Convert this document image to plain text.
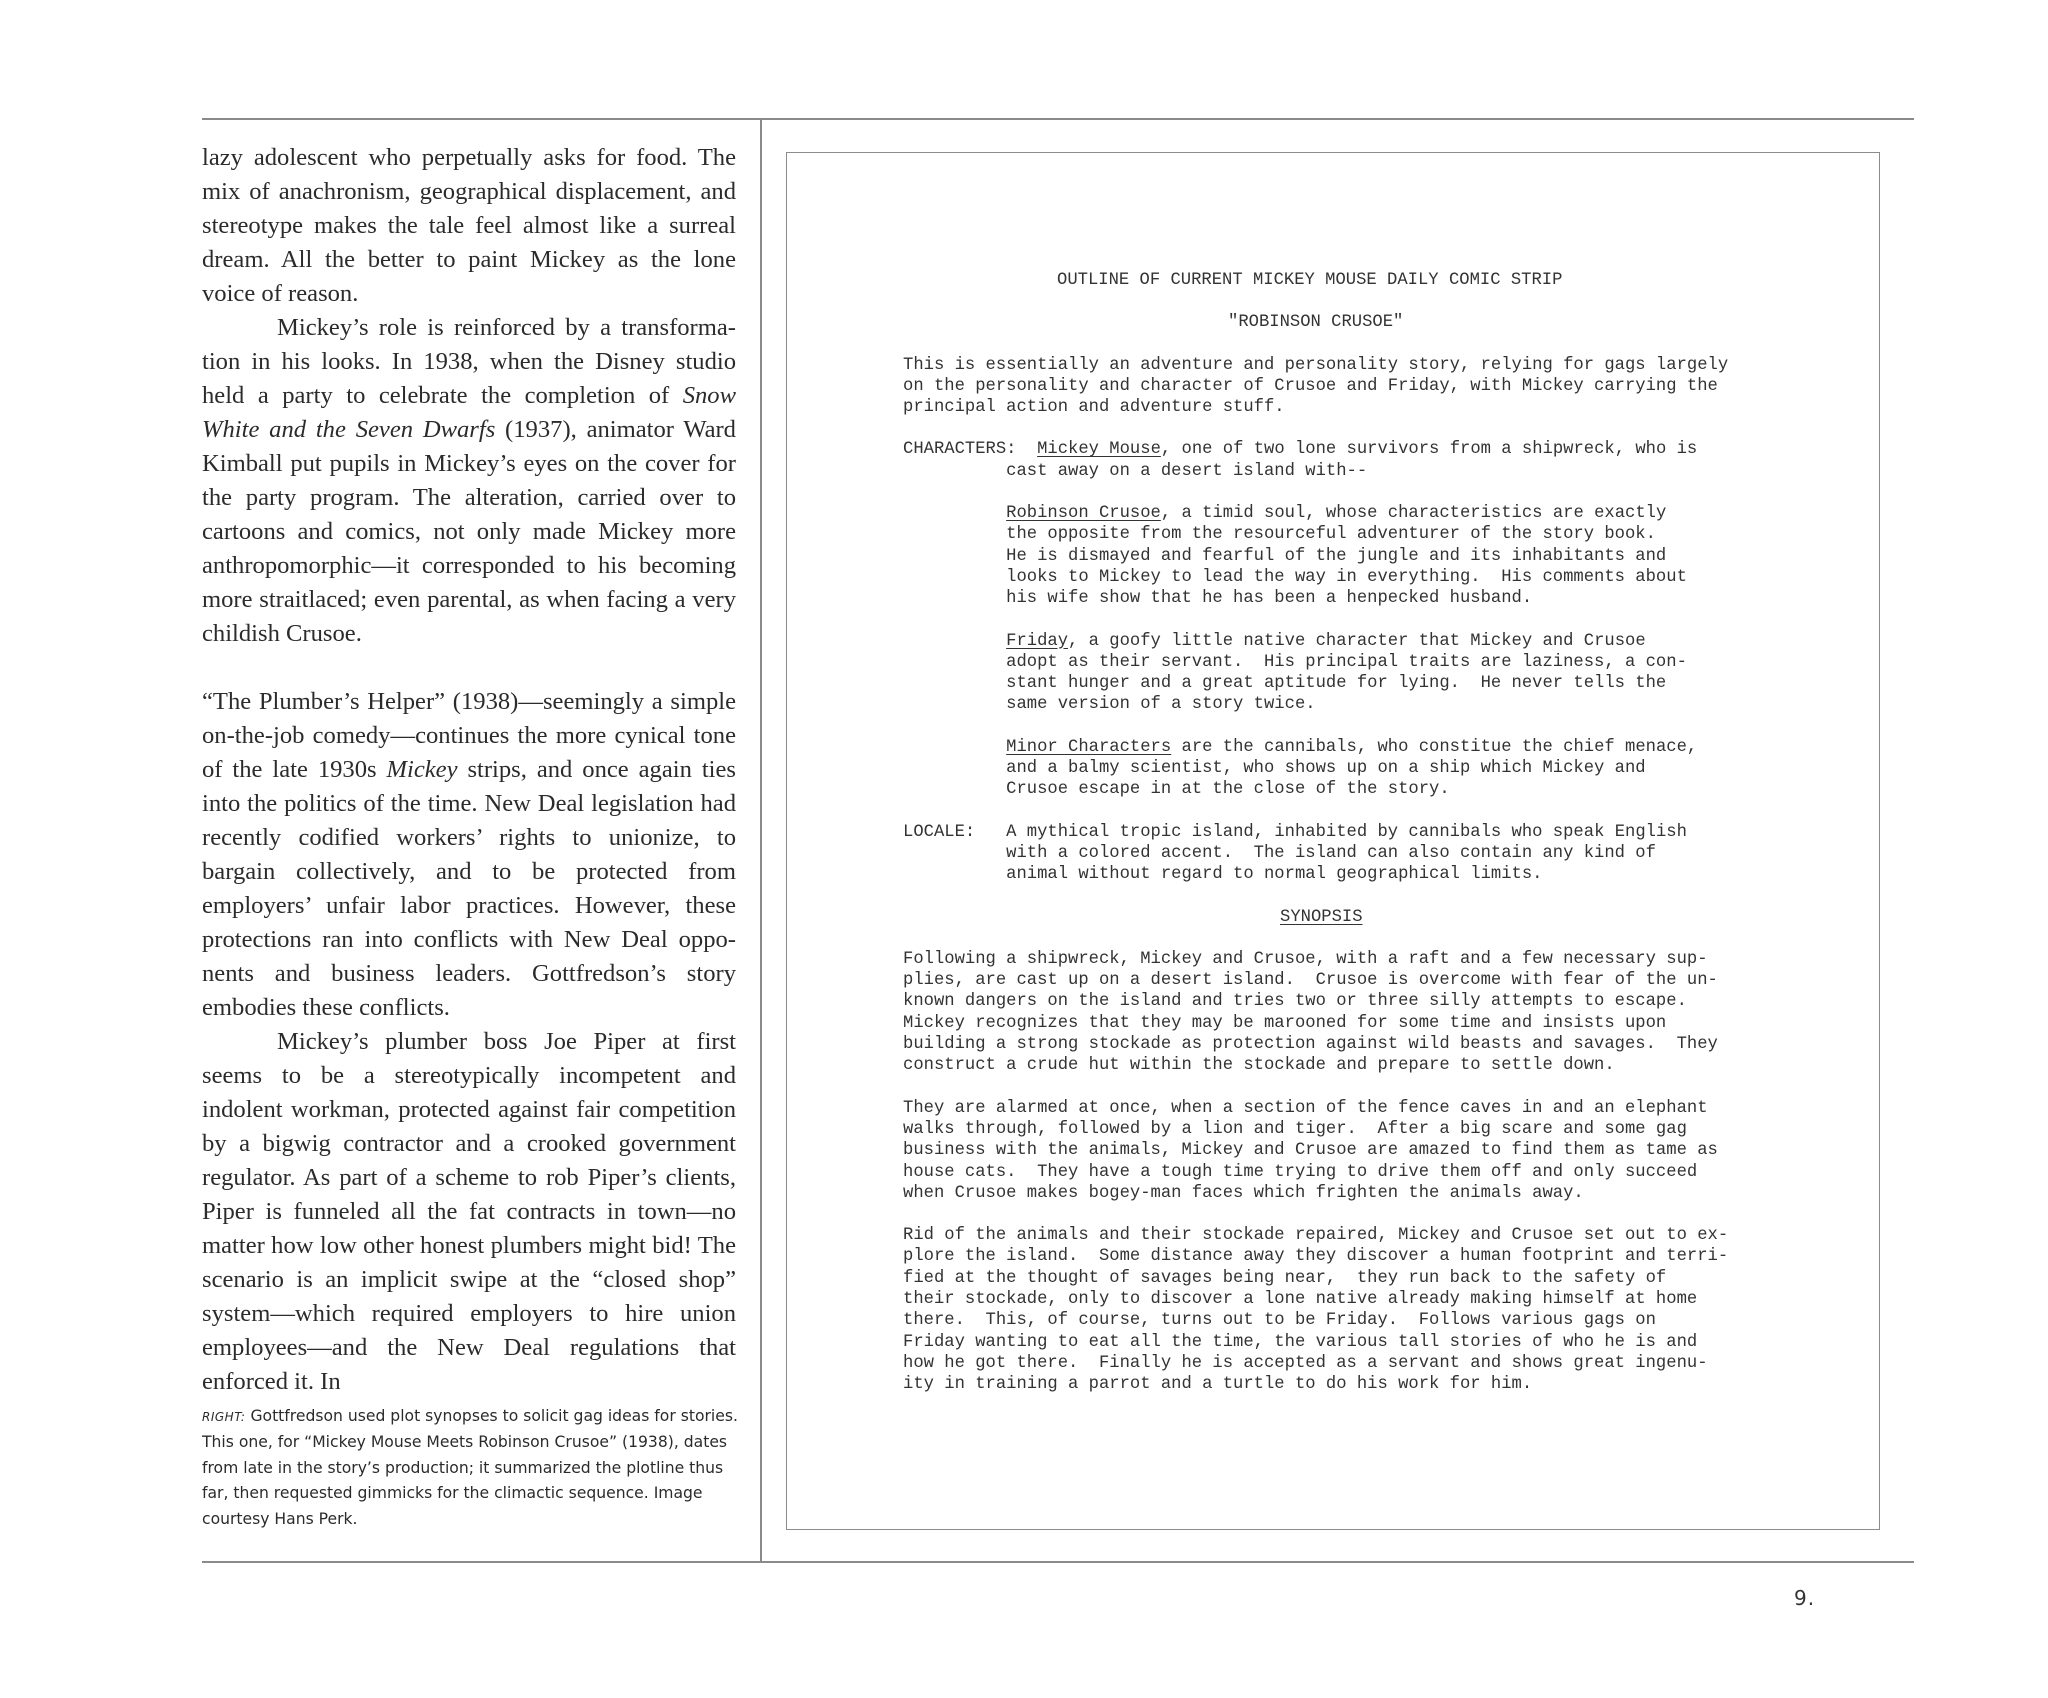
lazy adolescent who perpetually asks for food. The mix of anachronism, geographical displacement, and stereotype makes the tale feel almost like a surreal dream. All the better to paint Mickey as the lone voice of reason.

Mickey’s role is reinforced by a transformation in his looks. In 1938, when the Disney studio held a party to celebrate the completion of Snow White and the Seven Dwarfs (1937), animator Ward Kimball put pupils in Mickey’s eyes on the cover for the party program. The alteration, carried over to cartoons and comics, not only made Mickey more anthropomorphic—it corresponded to his becoming more straitlaced; even parental, as when facing a very childish Crusoe.

“The Plumber’s Helper” (1938)—seemingly a simple on-the-job comedy—continues the more cynical tone of the late 1930s Mickey strips, and once again ties into the politics of the time. New Deal legislation had recently codified workers’ rights to unionize, to bargain collectively, and to be protected from employers’ unfair labor practices. However, these protections ran into conflicts with New Deal opponents and business leaders. Gottfredson’s story embodies these conflicts.

Mickey’s plumber boss Joe Piper at first seems to be a stereotypically incompetent and indolent workman, protected against fair competition by a bigwig contractor and a crooked government regulator. As part of a scheme to rob Piper’s clients, Piper is funneled all the fat contracts in town—no matter how low other honest plumbers might bid! The scenario is an implicit swipe at the “closed shop” system—which required employers to hire union employees—and the New Deal regulations that enforced it. In

RIGHT: Gottfredson used plot synopses to solicit gag ideas for stories. This one, for “Mickey Mouse Meets Robinson Crusoe” (1938), dates from late in the story’s production; it summarized the plotline thus far, then requested gimmicks for the climactic sequence. Image courtesy Hans Perk.
OUTLINE OF CURRENT MICKEY MOUSE DAILY COMIC STRIP
"ROBINSON CRUSOE"
This is essentially an adventure and personality story, relying for gags largely
on the personality and character of Crusoe and Friday, with Mickey carrying the
principal action and adventure stuff.
CHARACTERS: Mickey Mouse, one of two lone survivors from a shipwreck, who is
cast away on a desert island with--
Robinson Crusoe, a timid soul, whose characteristics are exactly
the opposite from the resourceful adventurer of the story book.
He is dismayed and fearful of the jungle and its inhabitants and
looks to Mickey to lead the way in everything.  His comments about
his wife show that he has been a henpecked husband.
Friday, a goofy little native character that Mickey and Crusoe
adopt as their servant.  His principal traits are laziness, a con-
stant hunger and a great aptitude for lying.  He never tells the
same version of a story twice.
Minor Characters are the cannibals, who constitue the chief menace,
and a balmy scientist, who shows up on a ship which Mickey and
Crusoe escape in at the close of the story.
LOCALE: A mythical tropic island, inhabited by cannibals who speak English
with a colored accent.  The island can also contain any kind of
animal without regard to normal geographical limits.
SYNOPSIS
Following a shipwreck, Mickey and Crusoe, with a raft and a few necessary sup-
plies, are cast up on a desert island.  Crusoe is overcome with fear of the un-
known dangers on the island and tries two or three silly attempts to escape.
Mickey recognizes that they may be marooned for some time and insists upon
building a strong stockade as protection against wild beasts and savages.  They
construct a crude hut within the stockade and prepare to settle down.
They are alarmed at once, when a section of the fence caves in and an elephant
walks through, followed by a lion and tiger.  After a big scare and some gag
business with the animals, Mickey and Crusoe are amazed to find them as tame as
house cats.  They have a tough time trying to drive them off and only succeed
when Crusoe makes bogey-man faces which frighten the animals away.
Rid of the animals and their stockade repaired, Mickey and Crusoe set out to ex-
plore the island.  Some distance away they discover a human footprint and terri-
fied at the thought of savages being near,  they run back to the safety of
their stockade, only to discover a lone native already making himself at home
there.  This, of course, turns out to be Friday.  Follows various gags on
Friday wanting to eat all the time, the various tall stories of who he is and
how he got there.  Finally he is accepted as a servant and shows great ingenu-
ity in training a parrot and a turtle to do his work for him.
9.
